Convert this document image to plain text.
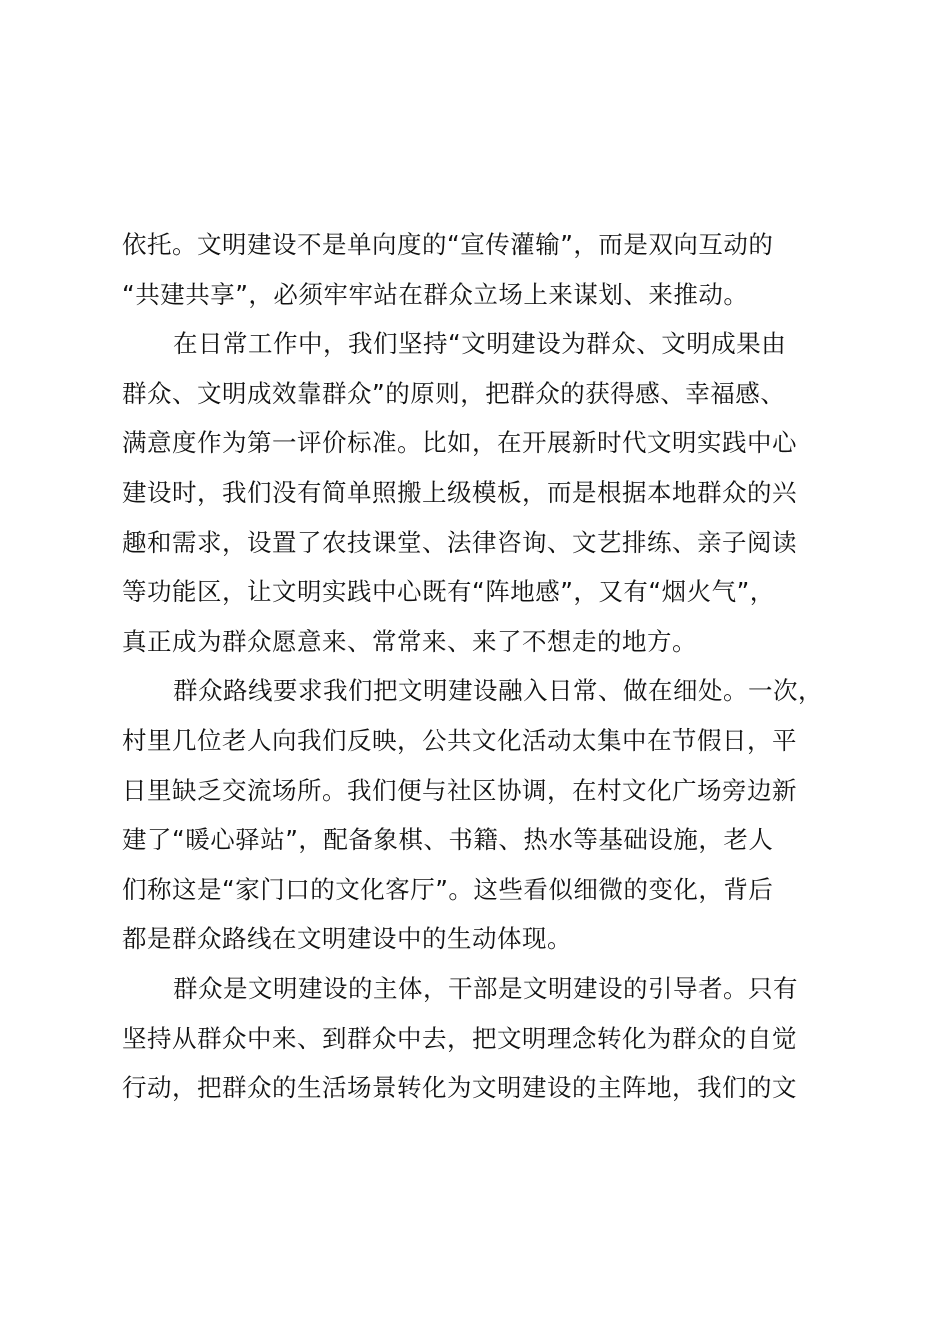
依托。文明建设不是单向度的“宣传灌输”，而是双向互动的
“共建共享”，必须牢牢站在群众立场上来谋划、来推动。
在日常工作中，我们坚持“文明建设为群众、文明成果由
群众、文明成效靠群众”的原则，把群众的获得感、幸福感、
满意度作为第一评价标准。比如，在开展新时代文明实践中心
建设时，我们没有简单照搬上级模板，而是根据本地群众的兴
趣和需求，设置了农技课堂、法律咨询、文艺排练、亲子阅读
等功能区，让文明实践中心既有“阵地感”，又有“烟火气”，
真正成为群众愿意来、常常来、来了不想走的地方。
群众路线要求我们把文明建设融入日常、做在细处。一次，
村里几位老人向我们反映，公共文化活动太集中在节假日，平
日里缺乏交流场所。我们便与社区协调，在村文化广场旁边新
建了“暖心驿站”，配备象棋、书籍、热水等基础设施，老人
们称这是“家门口的文化客厅”。这些看似细微的变化，背后
都是群众路线在文明建设中的生动体现。
群众是文明建设的主体，干部是文明建设的引导者。只有
坚持从群众中来、到群众中去，把文明理念转化为群众的自觉
行动，把群众的生活场景转化为文明建设的主阵地，我们的文
